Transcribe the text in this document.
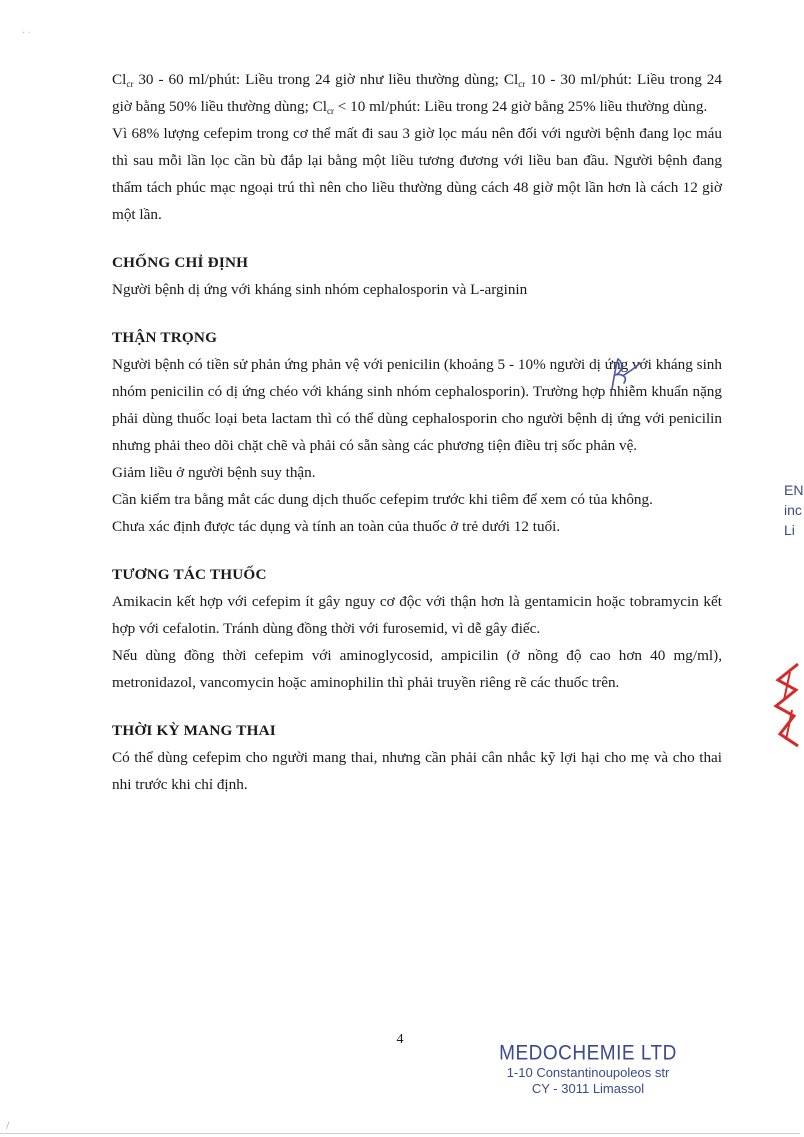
‧ ‧

$Cl_{cr}$ 30 - 60 ml/phút: Liều trong 24 giờ như liều thường dùng; $Cl_{cr}$ 10 - 30 ml/phút: Liều trong 24 giờ bằng 50% liều thường dùng; $Cl_{cr} < 10$ ml/phút: Liều trong 24 giờ bằng 25% liều thường dùng.

Vì 68% lượng cefepim trong cơ thể mất đi sau 3 giờ lọc máu nên đối với người bệnh đang lọc máu thì sau mỗi lần lọc cần bù đắp lại bằng một liều tương đương với liều ban đầu. Người bệnh đang thẩm tách phúc mạc ngoại trú thì nên cho liều thường dùng cách 48 giờ một lần hơn là cách 12 giờ một lần.

CHỐNG CHỈ ĐỊNH

Người bệnh dị ứng với kháng sinh nhóm cephalosporin và L-arginin

THẬN TRỌNG

Người bệnh có tiền sử phản ứng phản vệ với penicilin (khoảng 5 - 10% người dị ứng với kháng sinh nhóm penicilin có dị ứng chéo với kháng sinh nhóm cephalosporin). Trường hợp nhiễm khuẩn nặng phải dùng thuốc loại beta lactam thì có thể dùng cephalosporin cho người bệnh dị ứng với penicilin nhưng phải theo dõi chặt chẽ và phải có sẵn sàng các phương tiện điều trị sốc phản vệ.

Giảm liều ở người bệnh suy thận.

Cần kiểm tra bằng mắt các dung dịch thuốc cefepim trước khi tiêm để xem có tủa không.

Chưa xác định được tác dụng và tính an toàn của thuốc ở trẻ dưới 12 tuổi.

TƯƠNG TÁC THUỐC

Amikacin kết hợp với cefepim ít gây nguy cơ độc với thận hơn là gentamicin hoặc tobramycin kết hợp với cefalotin. Tránh dùng đồng thời với furosemid, vì dễ gây điếc.

Nếu dùng đồng thời cefepim với aminoglycosid, ampicilin (ở nồng độ cao hơn 40 mg/ml), metronidazol, vancomycin hoặc aminophilin thì phải truyền riêng rẽ các thuốc trên.

THỜI KỲ MANG THAI

Có thể dùng cefepim cho người mang thai, nhưng cần phải cân nhắc kỹ lợi hại cho mẹ và cho thai nhi trước khi chỉ định.

EN
inc
Li
4
MEDOCHEMIE LTD
1-10 Constantinoupoleos str
CY - 3011 Limassol
/
